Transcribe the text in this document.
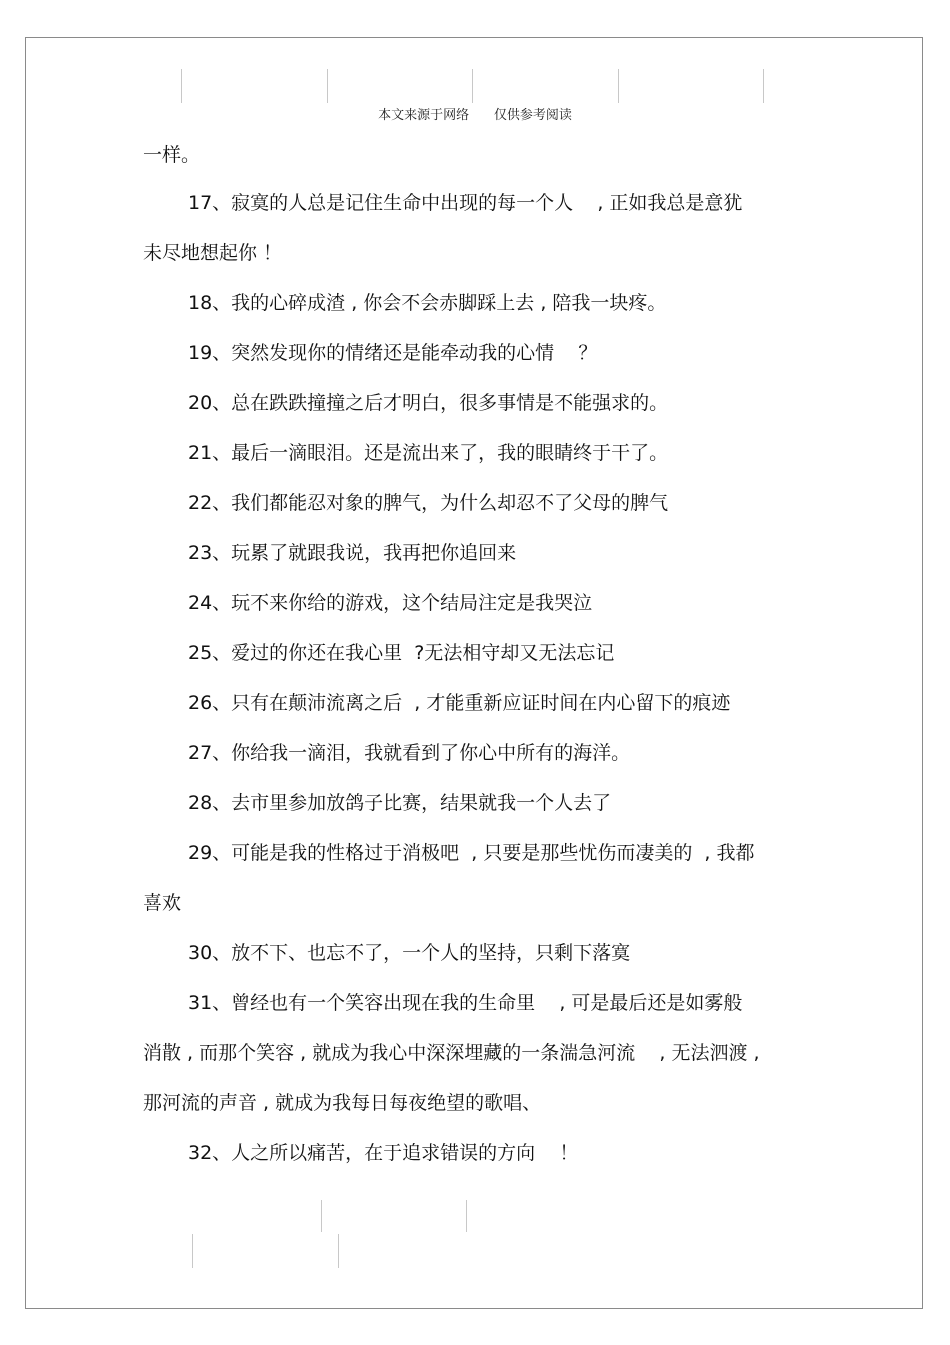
本文来源于网络      仅供参考阅读
一样。
17、寂寞的人总是记住生命中出现的每一个人    , 正如我总是意犹
未尽地想起你 ！
18、我的心碎成渣 , 你会不会赤脚踩上去 , 陪我一块疼。
19、突然发现你的情绪还是能牵动我的心情    ？
20、总在跌跌撞撞之后才明白，很多事情是不能强求的。
21、最后一滴眼泪。还是流出来了，我的眼睛终于干了。
22、我们都能忍对象的脾气，为什么却忍不了父母的脾气
23、玩累了就跟我说，我再把你追回来
24、玩不来你给的游戏，这个结局注定是我哭泣
25、爱过的你还在我心里  ?无法相守却又无法忘记
26、只有在颠沛流离之后  , 才能重新应证时间在内心留下的痕迹
27、你给我一滴泪，我就看到了你心中所有的海洋。
28、去市里参加放鸽子比赛，结果就我一个人去了
29、可能是我的性格过于消极吧  , 只要是那些忧伤而凄美的  , 我都
喜欢
30、放不下、也忘不了，一个人的坚持，只剩下落寞
31、曾经也有一个笑容出现在我的生命里    , 可是最后还是如雾般
消散 , 而那个笑容 , 就成为我心中深深埋藏的一条湍急河流    , 无法泗渡 ,
那河流的声音 , 就成为我每日每夜绝望的歌唱、
32、人之所以痛苦，在于追求错误的方向    ！
